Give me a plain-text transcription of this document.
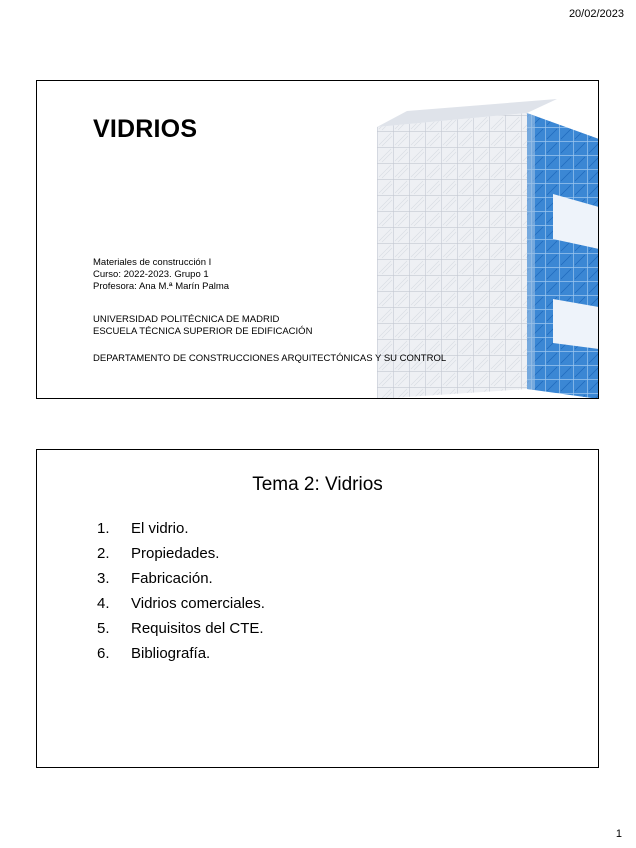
20/02/2023
VIDRIOS
Materiales de construcción I
Curso: 2022-2023. Grupo 1
Profesora: Ana M.ª Marín Palma
UNIVERSIDAD POLITÉCNICA DE MADRID
ESCUELA TÉCNICA SUPERIOR DE EDIFICACIÓN
DEPARTAMENTO DE CONSTRUCCIONES ARQUITECTÓNICAS Y SU CONTROL
Tema 2: Vidrios
1.	El vidrio.
2.	Propiedades.
3.	Fabricación.
4.	Vidrios comerciales.
5.	Requisitos del CTE.
6.	Bibliografía.
1
